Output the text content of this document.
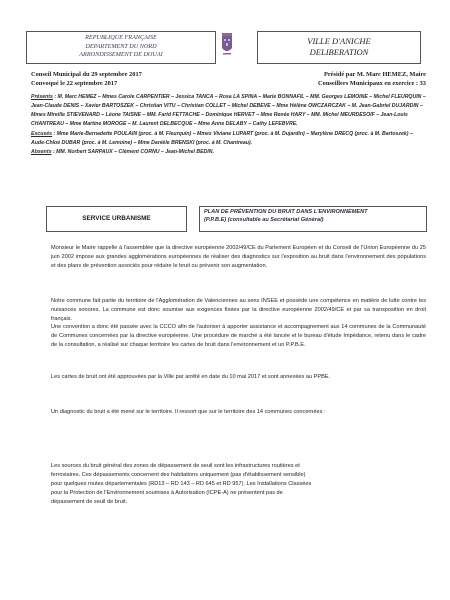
REPUBLIQUE FRANÇAISE
DEPARTEMENT DU NORD
ARRONDISSEMENT DE DOUAI
VILLE D'ANICHE
DELIBERATION
Conseil Municipal du 29 septembre 2017	Présidé par M. Marc HEMEZ, Maire
Convoqué le 22 septembre 2017	Conseillers Municipaux en exercice : 33
Présents : M. Marc HEMEZ – Mmes Carole CARPENTIER – Jessica TANCA – Rosa LA SPINA – Marie BONNAFIL – MM. Georges LEMOINE – Michel FLEURQUIN – Jean-Claude DENIS – Xavier BARTOSZEK – Christian VITU – Christian COLLET – Michel DEBEVE – Mme Hélène OWCZARCZAK – M. Jean-Gabriel DUJARDIN – Mmes Mireille STIEVENARD – Léone TAISNE – MM. Farid FETTACHE – Dominique HERVET – Mme Renée HARY – MM. Michel MEURDESOIF – Jean-Louis CHANTREAU – Mme Martine MOROGE – M. Laurent DELBECQUE – Mme Anne DELABY – Cathy LEFEBVRE.
Excusés : Mme Marie-Bernadette POULAIN (proc. à M. Fleurquin) – Mmes Viviane LUPART (proc. à M. Dujardin) – Marylène DRECQ (proc. à M. Bartoszek) – Aude-Chloé DUBAR (proc. à M. Lemoine) – Mme Danièle BRENSKI (proc. à M. Chantreau).
Absents : MM. Norbert SARPAUX – Clément CORNU – Jean-Michel BEDIN.
SERVICE URBANISME
PLAN DE PRÉVENTION DU BRUIT DANS L'ENVIRONNEMENT
(P.P.B.E) (consultable au Secrétariat Général)
Monsieur le Maire rappelle à l'assemblée que la directive européenne 2002/49/CE du Parlement Européen et du Conseil de l'Union Européenne du 25 juin 2002 impose aux grandes agglomérations européennes de réaliser des diagnostics sur l'exposition au bruit dans l'environnement des populations et des plans de prévention associés pour réduire le bruit ou prévenir son augmentation.
Notre commune fait partie du territoire de l'Agglomération de Valenciennes au sens INSEE et possède une compétence en matière de lutte contre les nuisances sonores. La commune est donc soumise aux exigences fixées par la directive européenne 2002/49/CE et par sa transposition en droit français.
Une convention a donc été passée avec la CCCO afin de l'autoriser à apporter assistance et accompagnement aux 14 communes de la Communauté de Communes concernées par la directive européenne. Une procédure de marché a été lancée et le bureau d'étude Impédance, retenu dans le cadre de la consultation, a réalisé sur chaque territoire les cartes de bruit dans l'environnement et un P.P.B.E.
Les cartes de bruit ont été approuvées par la Ville par arrêté en date du 10 mai 2017 et sont annexées au PPBE.
Un diagnostic du bruit a été mené sur le territoire. Il ressort que sur le territoire des 14 communes concernées :
Les sources du bruit général des zones de dépassement de seuil sont les infrastructures routières et
ferroviaires. Ces dépassements concernent des habitations uniquement (pas d'établissement sensible)
pour quelques routes départementales (RD13 – RD 143 – RD 645 et RD 957). Les Installations Classées
pour la Protection de l'Environnement soumises à Autorisation (ICPE-A) ne présentent pas de
dépassement de seuil de bruit.
